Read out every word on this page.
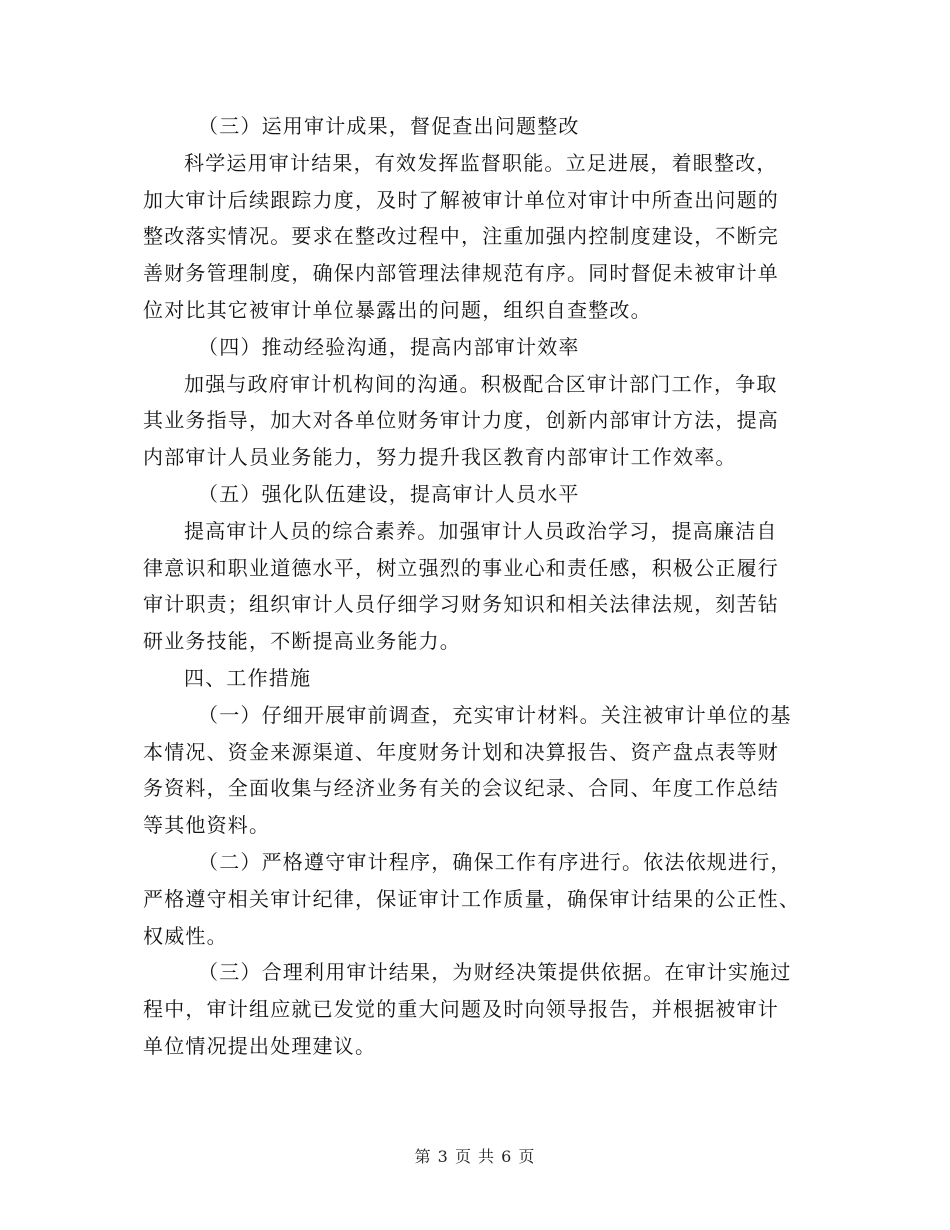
（三）运用审计成果，督促查出问题整改
科学运用审计结果，有效发挥监督职能。立足进展，着眼整改，
加大审计后续跟踪力度，及时了解被审计单位对审计中所查出问题的
整改落实情况。要求在整改过程中，注重加强内控制度建设，不断完
善财务管理制度，确保内部管理法律规范有序。同时督促未被审计单
位对比其它被审计单位暴露出的问题，组织自查整改。
（四）推动经验沟通，提高内部审计效率
加强与政府审计机构间的沟通。积极配合区审计部门工作，争取
其业务指导，加大对各单位财务审计力度，创新内部审计方法，提高
内部审计人员业务能力，努力提升我区教育内部审计工作效率。
（五）强化队伍建设，提高审计人员水平
提高审计人员的综合素养。加强审计人员政治学习，提高廉洁自
律意识和职业道德水平，树立强烈的事业心和责任感，积极公正履行
审计职责；组织审计人员仔细学习财务知识和相关法律法规，刻苦钻
研业务技能，不断提高业务能力。
四、工作措施
（一）仔细开展审前调查，充实审计材料。关注被审计单位的基
本情况、资金来源渠道、年度财务计划和决算报告、资产盘点表等财
务资料，全面收集与经济业务有关的会议纪录、合同、年度工作总结
等其他资料。
（二）严格遵守审计程序，确保工作有序进行。依法依规进行，
严格遵守相关审计纪律，保证审计工作质量，确保审计结果的公正性、
权威性。
（三）合理利用审计结果，为财经决策提供依据。在审计实施过
程中，审计组应就已发觉的重大问题及时向领导报告，并根据被审计
单位情况提出处理建议。
第 3 页 共 6 页
